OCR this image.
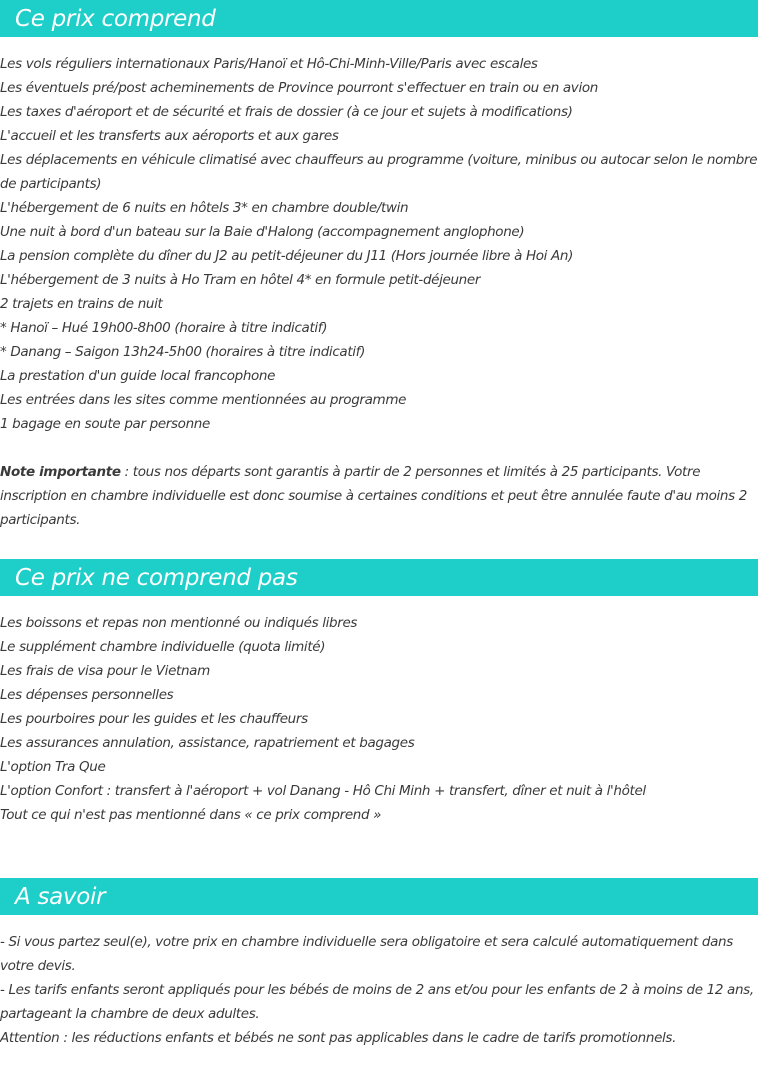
Ce prix comprend
Les vols réguliers internationaux Paris/Hanoï et Hô-Chi-Minh-Ville/Paris avec escales
Les éventuels pré/post acheminements de Province pourront s'effectuer en train ou en avion
Les taxes d'aéroport et de sécurité et frais de dossier (à ce jour et sujets à modifications)
L'accueil et les transferts aux aéroports et aux gares
Les déplacements en véhicule climatisé avec chauffeurs au programme (voiture, minibus ou autocar selon le nombre de participants)
L'hébergement de 6 nuits en hôtels 3* en chambre double/twin
Une nuit à bord d'un bateau sur la Baie d'Halong (accompagnement anglophone)
La pension complète du dîner du J2 au petit-déjeuner du J11 (Hors journée libre à Hoi An)
L'hébergement de 3 nuits à Ho Tram en hôtel 4* en formule petit-déjeuner
2 trajets en trains de nuit
* Hanoï – Hué 19h00-8h00 (horaire à titre indicatif)
* Danang – Saigon 13h24-5h00 (horaires à titre indicatif)
La prestation d'un guide local francophone
Les entrées dans les sites comme mentionnées au programme
1 bagage en soute par personne

Note importante : tous nos départs sont garantis à partir de 2 personnes et limités à 25 participants. Votre inscription en chambre individuelle est donc soumise à certaines conditions et peut être annulée faute d'au moins 2 participants.

Ce prix ne comprend pas
Les boissons et repas non mentionné ou indiqués libres
Le supplément chambre individuelle (quota limité)
Les frais de visa pour le Vietnam
Les dépenses personnelles
Les pourboires pour les guides et les chauffeurs
Les assurances annulation, assistance, rapatriement et bagages
L'option Tra Que
L'option Confort : transfert à l'aéroport + vol Danang - Hô Chi Minh + transfert, dîner et nuit à l'hôtel
Tout ce qui n'est pas mentionné dans « ce prix comprend »
A savoir
- Si vous partez seul(e), votre prix en chambre individuelle sera obligatoire et sera calculé automatiquement dans votre devis.
- Les tarifs enfants seront appliqués pour les bébés de moins de 2 ans et/ou pour les enfants de 2 à moins de 12 ans, partageant la chambre de deux adultes.
Attention : les réductions enfants et bébés ne sont pas applicables dans le cadre de tarifs promotionnels.
